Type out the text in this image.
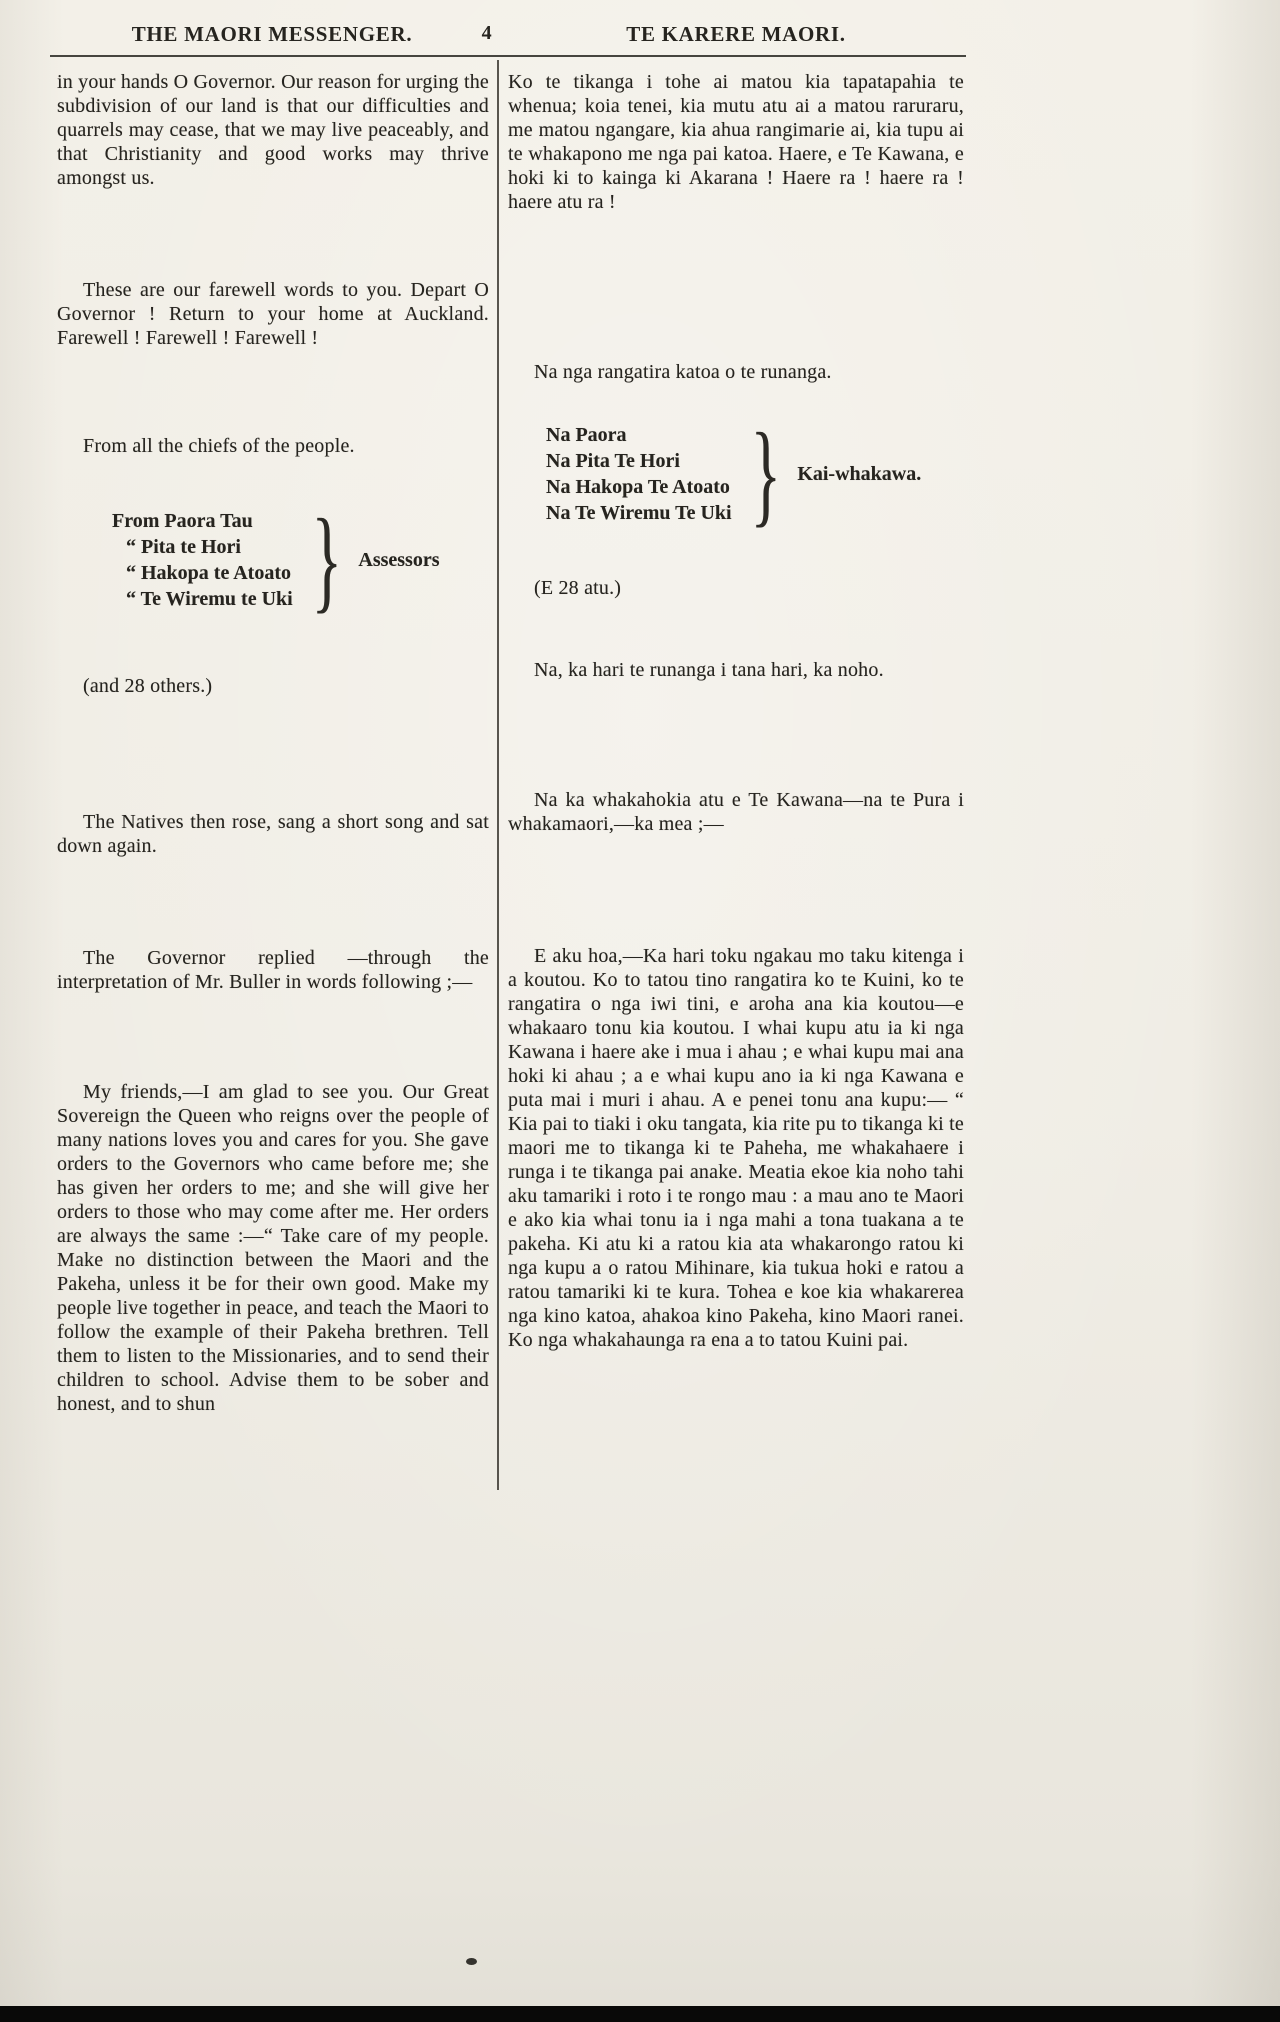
THE MAORI MESSENGER.	4	TE KARERE MAORI.

in your hands O Governor. Our reason for urging the subdivision of our land is that our difficulties and quarrels may cease, that we may live peaceably, and that Christianity and good works may thrive amongst us.

These are our farewell words to you. Depart O Governor ! Return to your home at Auckland. Farewell ! Farewell ! Farewell !

From all the chiefs of the people.

From Paora Tau
“ Pita te Hori
“ Hakopa te Atoato
“ Te Wiremu te Uki } Assessors

(and 28 others.)

The Natives then rose, sang a short song and sat down again.

The Governor replied —through the interpretation of Mr. Buller in words following ;—

My friends,—I am glad to see you. Our Great Sovereign the Queen who reigns over the people of many nations loves you and cares for you. She gave orders to the Governors who came before me; she has given her orders to me; and she will give her orders to those who may come after me. Her orders are always the same :—“ Take care of my people. Make no distinction between the Maori and the Pakeha, unless it be for their own good. Make my people live together in peace, and teach the Maori to follow the example of their Pakeha brethren. Tell them to listen to the Missionaries, and to send their children to school. Advise them to be sober and honest, and to shun

Ko te tikanga i tohe ai matou kia tapatapahia te whenua; koia tenei, kia mutu atu ai a matou raruraru, me matou ngangare, kia ahua rangimarie ai, kia tupu ai te whakapono me nga pai katoa. Haere, e Te Kawana, e hoki ki to kainga ki Akarana ! Haere ra ! haere ra ! haere atu ra !

Na nga rangatira katoa o te runanga.

Na Paora
Na Pita Te Hori
Na Hakopa Te Atoato
Na Te Wiremu Te Uki } Kai-whakawa.

(E 28 atu.)

Na, ka hari te runanga i tana hari, ka noho.

Na ka whakahokia atu e Te Kawana—na te Pura i whakamaori,—ka mea ;—

E aku hoa,—Ka hari toku ngakau mo taku kitenga i a koutou. Ko to tatou tino rangatira ko te Kuini, ko te rangatira o nga iwi tini, e aroha ana kia koutou—e whakaaro tonu kia koutou. I whai kupu atu ia ki nga Kawana i haere ake i mua i ahau ; e whai kupu mai ana hoki ki ahau ; a e whai kupu ano ia ki nga Kawana e puta mai i muri i ahau. A e penei tonu ana kupu:— “ Kia pai to tiaki i oku tangata, kia rite pu to tikanga ki te maori me to tikanga ki te Paheha, me whakahaere i runga i te tikanga pai anake. Meatia ekoe kia noho tahi aku tamariki i roto i te rongo mau : a mau ano te Maori e ako kia whai tonu ia i nga mahi a tona tuakana a te pakeha. Ki atu ki a ratou kia ata whakarongo ratou ki nga kupu a o ratou Mihinare, kia tukua hoki e ratou a ratou tamariki ki te kura. Tohea e koe kia whakarerea nga kino katoa, ahakoa kino Pakeha, kino Maori ranei. Ko nga whakahaunga ra ena a to tatou Kuini pai.
